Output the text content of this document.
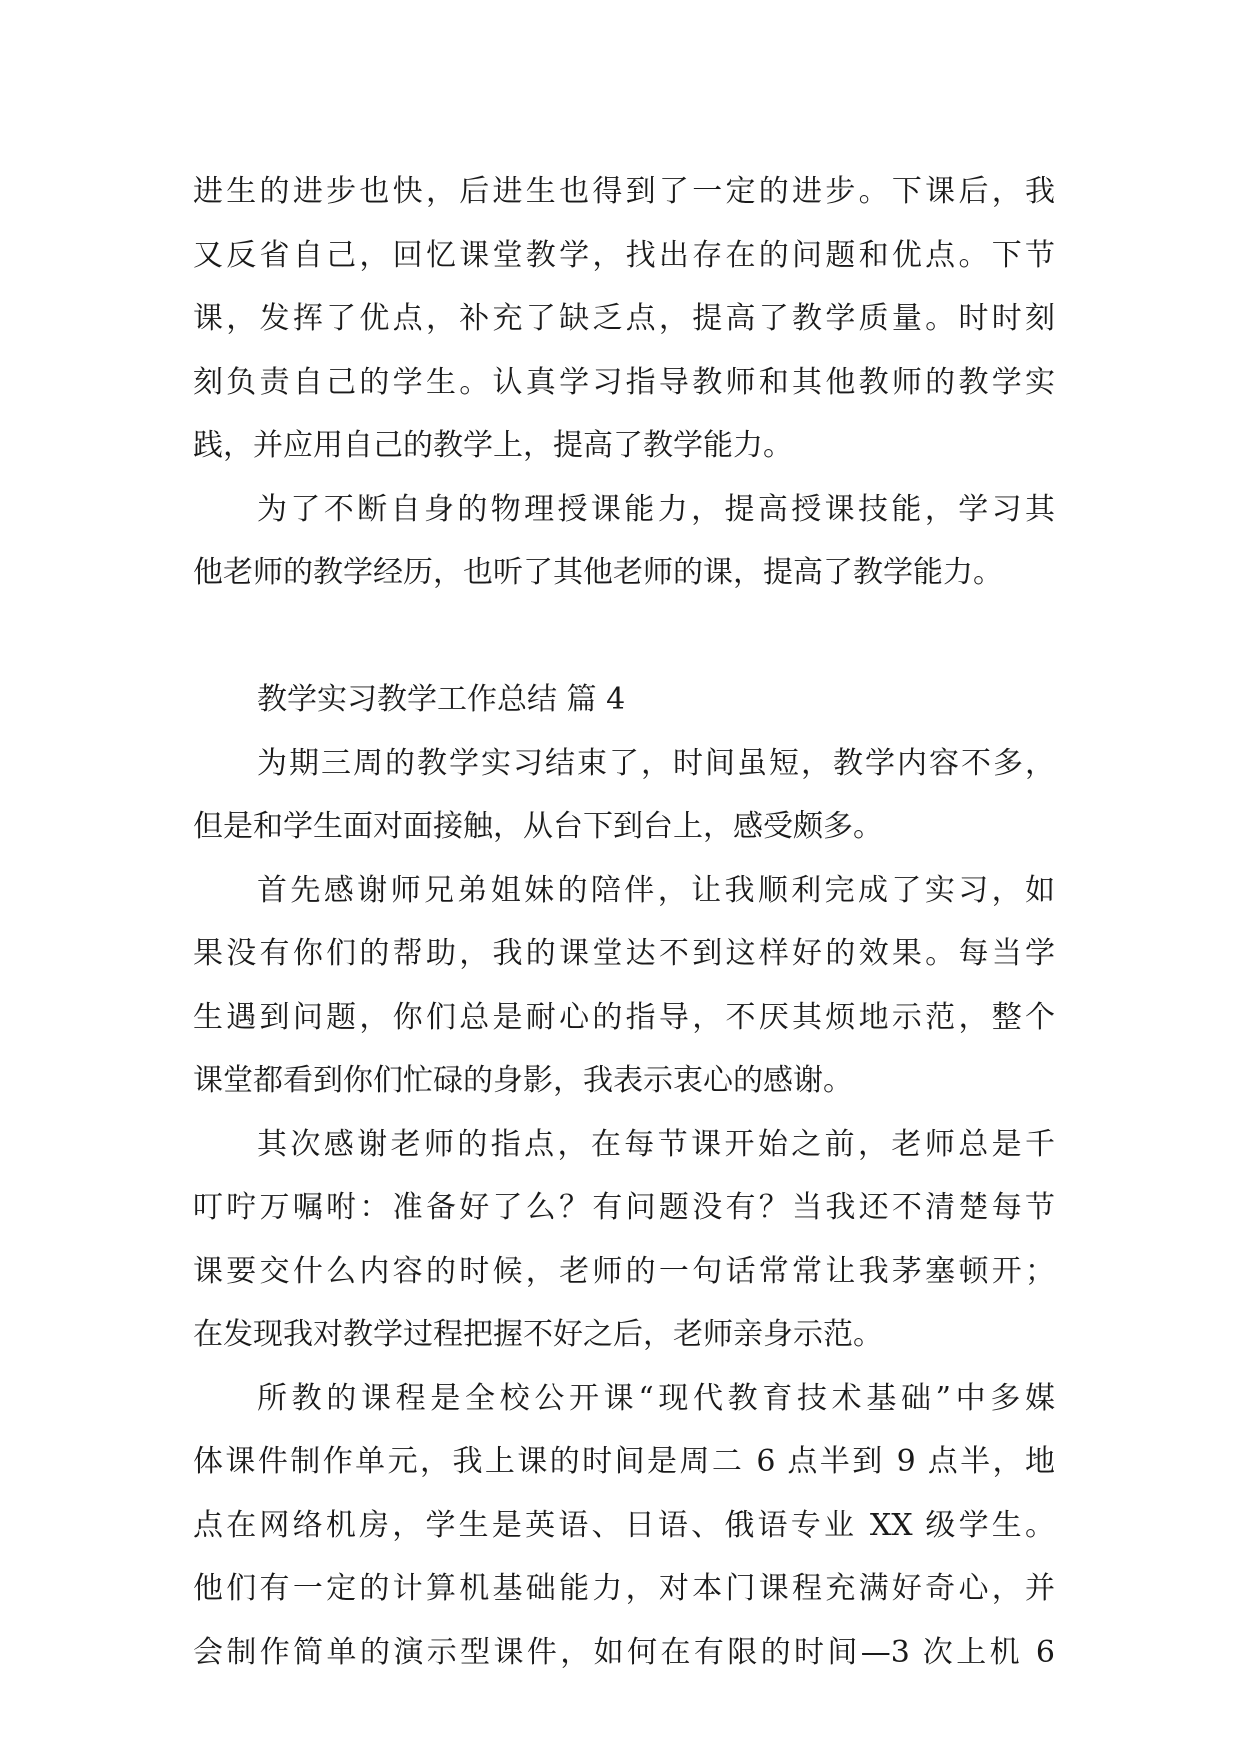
进生的进步也快，后进生也得到了一定的进步。下课后，我
又反省自己，回忆课堂教学，找出存在的问题和优点。下节
课，发挥了优点，补充了缺乏点，提高了教学质量。时时刻
刻负责自己的学生。认真学习指导教师和其他教师的教学实
践，并应用自己的教学上，提高了教学能力。
为了不断自身的物理授课能力，提高授课技能，学习其
他老师的教学经历，也听了其他老师的课，提高了教学能力。
教学实习教学工作总结 篇 4
为期三周的教学实习结束了，时间虽短，教学内容不多，
但是和学生面对面接触，从台下到台上，感受颇多。
首先感谢师兄弟姐妹的陪伴，让我顺利完成了实习，如
果没有你们的帮助，我的课堂达不到这样好的效果。每当学
生遇到问题，你们总是耐心的指导，不厌其烦地示范，整个
课堂都看到你们忙碌的身影，我表示衷心的感谢。
其次感谢老师的指点，在每节课开始之前，老师总是千
叮咛万嘱咐：准备好了么？有问题没有？当我还不清楚每节
课要交什么内容的时候，老师的一句话常常让我茅塞顿开；
在发现我对教学过程把握不好之后，老师亲身示范。
所教的课程是全校公开课“现代教育技术基础”中多媒
体课件制作单元，我上课的时间是周二 6 点半到 9 点半，地
点在网络机房，学生是英语、日语、俄语专业 XX 级学生。
他们有一定的计算机基础能力，对本门课程充满好奇心，并
会制作简单的演示型课件，如何在有限的时间—3 次上机 6
